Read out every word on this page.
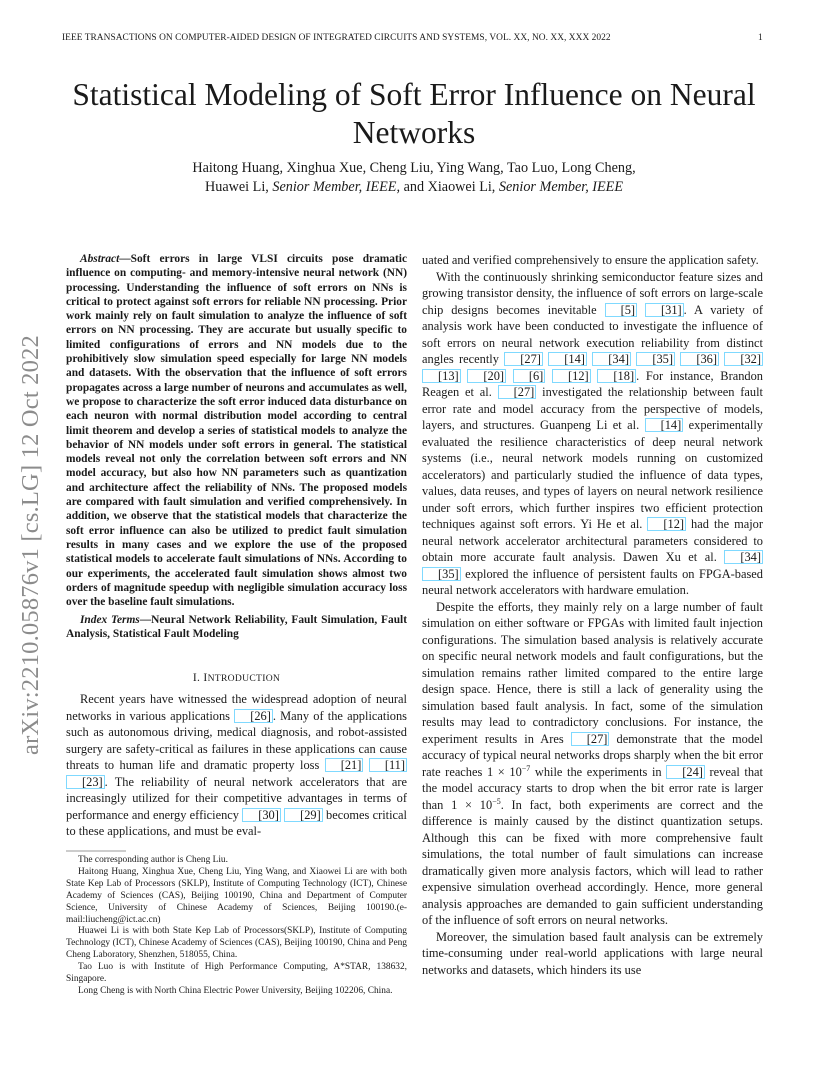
IEEE TRANSACTIONS ON COMPUTER-AIDED DESIGN OF INTEGRATED CIRCUITS AND SYSTEMS, VOL. XX, NO. XX, XXX 2022	1
arXiv:2210.05876v1 [cs.LG] 12 Oct 2022
Statistical Modeling of Soft Error Influence on Neural Networks
Haitong Huang, Xinghua Xue, Cheng Liu, Ying Wang, Tao Luo, Long Cheng,
Huawei Li, Senior Member, IEEE, and Xiaowei Li, Senior Member, IEEE
Abstract—Soft errors in large VLSI circuits pose dramatic influence on computing- and memory-intensive neural network (NN) processing. Understanding the influence of soft errors on NNs is critical to protect against soft errors for reliable NN processing. Prior work mainly rely on fault simulation to analyze the influence of soft errors on NN processing. They are accurate but usually specific to limited configurations of errors and NN models due to the prohibitively slow simulation speed especially for large NN models and datasets. With the observation that the influence of soft errors propagates across a large number of neurons and accumulates as well, we propose to characterize the soft error induced data disturbance on each neuron with normal distribution model according to central limit theorem and develop a series of statistical models to analyze the behavior of NN models under soft errors in general. The statistical models reveal not only the correlation between soft errors and NN model accuracy, but also how NN parameters such as quantization and architecture affect the reliability of NNs. The proposed models are compared with fault simulation and verified comprehensively. In addition, we observe that the statistical models that characterize the soft error influence can also be utilized to predict fault simulation results in many cases and we explore the use of the proposed statistical models to accelerate fault simulations of NNs. According to our experiments, the accelerated fault simulation shows almost two orders of magnitude speedup with negligible simulation accuracy loss over the baseline fault simulations.
Index Terms—Neural Network Reliability, Fault Simulation, Fault Analysis, Statistical Fault Modeling
I. INTRODUCTION

Recent years have witnessed the widespread adoption of neural networks in various applications [26] . Many of the applications such as autonomous driving, medical diagnosis, and robot-assisted surgery are safety-critical as failures in these applications can cause threats to human life and dramatic property loss [21] [11] [23] . The reliability of neural network accelerators that are increasingly utilized for their competitive advantages in terms of performance and energy efficiency [30] [29] becomes critical to these applications, and must be eval-

The corresponding author is Cheng Liu.

Haitong Huang, Xinghua Xue, Cheng Liu, Ying Wang, and Xiaowei Li are with both State Kep Lab of Processors (SKLP), Institute of Computing Technology (ICT), Chinese Academy of Sciences (CAS), Beijing 100190, China and Department of Computer Science, University of Chinese Academy of Sciences, Beijing 100190.(e-mail:liucheng@ict.ac.cn)

Huawei Li is with both State Kep Lab of Processors(SKLP), Institute of Computing Technology (ICT), Chinese Academy of Sciences (CAS), Beijing 100190, China and Peng Cheng Laboratory, Shenzhen, 518055, China.

Tao Luo is with Institute of High Performance Computing, A*STAR, 138632, Singapore.

Long Cheng is with North China Electric Power University, Beijing 102206, China.

uated and verified comprehensively to ensure the application safety.

With the continuously shrinking semiconductor feature sizes and growing transistor density, the influence of soft errors on large-scale chip designs becomes inevitable [5] [31] . A variety of analysis work have been conducted to investigate the influence of soft errors on neural network execution reliability from distinct angles recently [27] [14] [34] [35] [36] [32] [13] [20] [6] [12] [18] . For instance, Brandon Reagen et al. [27] investigated the relationship between fault error rate and model accuracy from the perspective of models, layers, and structures. Guanpeng Li et al. [14] experimentally evaluated the resilience characteristics of deep neural network systems (i.e., neural network models running on customized accelerators) and particularly studied the influence of data types, values, data reuses, and types of layers on neural network resilience under soft errors, which further inspires two efficient protection techniques against soft errors. Yi He et al. [12] had the major neural network accelerator architectural parameters considered to obtain more accurate fault analysis. Dawen Xu et al. [34] [35] explored the influence of persistent faults on FPGA-based neural network accelerators with hardware emulation.

Despite the efforts, they mainly rely on a large number of fault simulation on either software or FPGAs with limited fault injection configurations. The simulation based analysis is relatively accurate on specific neural network models and fault configurations, but the simulation remains rather limited compared to the entire large design space. Hence, there is still a lack of generality using the simulation based fault analysis. In fact, some of the simulation results may lead to contradictory conclusions. For instance, the experiment results in Ares [27] demonstrate that the model accuracy of typical neural networks drops sharply when the bit error rate reaches $1 \times 10^{-7}$ while the experiments in [24] reveal that the model accuracy starts to drop when the bit error rate is larger than $1 \times 10^{-5}$. In fact, both experiments are correct and the difference is mainly caused by the distinct quantization setups. Although this can be fixed with more comprehensive fault simulations, the total number of fault simulations can increase dramatically given more analysis factors, which will lead to rather expensive simulation overhead accordingly. Hence, more general analysis approaches are demanded to gain sufficient understanding of the influence of soft errors on neural networks.

Moreover, the simulation based fault analysis can be extremely time-consuming under real-world applications with large neural networks and datasets, which hinders its use
